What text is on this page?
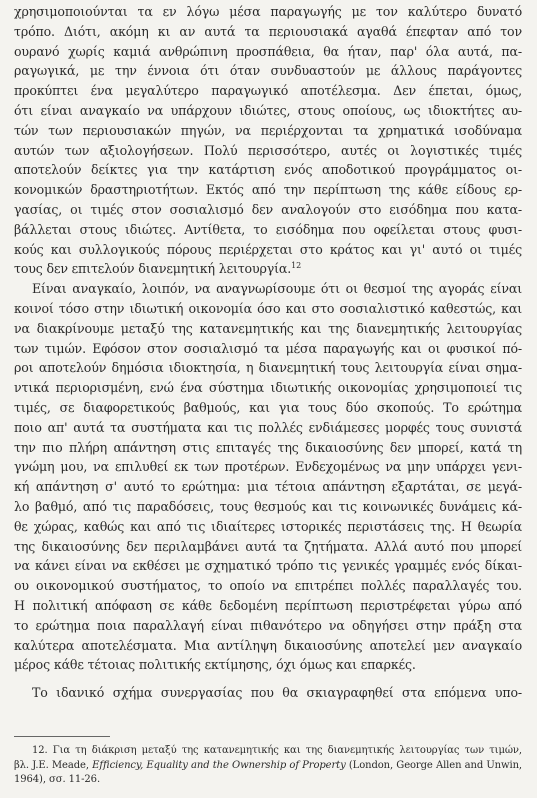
χρησιμοποιούνται τα εν λόγω μέσα παραγωγής με τον καλύτερο δυνατό
τρόπο. Διότι, ακόμη κι αν αυτά τα περιουσιακά αγαθά έπεφταν από τον
ουρανό χωρίς καμιά ανθρώπινη προσπάθεια, θα ήταν, παρ' όλα αυτά, πα-
ραγωγικά, με την έννοια ότι όταν συνδυαστούν με άλλους παράγοντες
προκύπτει ένα μεγαλύτερο παραγωγικό αποτέλεσμα. Δεν έπεται, όμως,
ότι είναι αναγκαίο να υπάρχουν ιδιώτες, στους οποίους, ως ιδιοκτήτες αυ-
τών των περιουσιακών πηγών, να περιέρχονται τα χρηματικά ισοδύναμα
αυτών των αξιολογήσεων. Πολύ περισσότερο, αυτές οι λογιστικές τιμές
αποτελούν δείκτες για την κατάρτιση ενός αποδοτικού προγράμματος οι-
κονομικών δραστηριοτήτων. Εκτός από την περίπτωση της κάθε είδους ερ-
γασίας, οι τιμές στον σοσιαλισμό δεν αναλογούν στο εισόδημα που κατα-
βάλλεται στους ιδιώτες. Αντίθετα, το εισόδημα που οφείλεται στους φυσι-
κούς και συλλογικούς πόρους περιέρχεται στο κράτος και γι' αυτό οι τιμές
τους δεν επιτελούν διανεμητική λειτουργία.$^{12}$
Είναι αναγκαίο, λοιπόν, να αναγνωρίσουμε ότι οι θεσμοί της αγοράς είναι
κοινοί τόσο στην ιδιωτική οικονομία όσο και στο σοσιαλιστικό καθεστώς, και
να διακρίνουμε μεταξύ της κατανεμητικής και της διανεμητικής λειτουργίας
των τιμών. Εφόσον στον σοσιαλισμό τα μέσα παραγωγής και οι φυσικοί πό-
ροι αποτελούν δημόσια ιδιοκτησία, η διανεμητική τους λειτουργία είναι σημα-
ντικά περιορισμένη, ενώ ένα σύστημα ιδιωτικής οικονομίας χρησιμοποιεί τις
τιμές, σε διαφορετικούς βαθμούς, και για τους δύο σκοπούς. Το ερώτημα
ποιο απ' αυτά τα συστήματα και τις πολλές ενδιάμεσες μορφές τους συνιστά
την πιο πλήρη απάντηση στις επιταγές της δικαιοσύνης δεν μπορεί, κατά τη
γνώμη μου, να επιλυθεί εκ των προτέρων. Ενδεχομένως να μην υπάρχει γενι-
κή απάντηση σ' αυτό το ερώτημα: μια τέτοια απάντηση εξαρτάται, σε μεγά-
λο βαθμό, από τις παραδόσεις, τους θεσμούς και τις κοινωνικές δυνάμεις κά-
θε χώρας, καθώς και από τις ιδιαίτερες ιστορικές περιστάσεις της. Η θεωρία
της δικαιοσύνης δεν περιλαμβάνει αυτά τα ζητήματα. Αλλά αυτό που μπορεί
να κάνει είναι να εκθέσει με σχηματικό τρόπο τις γενικές γραμμές ενός δίκαι-
ου οικονομικού συστήματος, το οποίο να επιτρέπει πολλές παραλλαγές του.
Η πολιτική απόφαση σε κάθε δεδομένη περίπτωση περιστρέφεται γύρω από
το ερώτημα ποια παραλλαγή είναι πιθανότερο να οδηγήσει στην πράξη στα
καλύτερα αποτελέσματα. Μια αντίληψη δικαιοσύνης αποτελεί μεν αναγκαίο
μέρος κάθε τέτοιας πολιτικής εκτίμησης, όχι όμως και επαρκές.
Το ιδανικό σχήμα συνεργασίας που θα σκιαγραφηθεί στα επόμενα υπο-
12. Για τη διάκριση μεταξύ της κατανεμητικής και της διανεμητικής λειτουργίας των τιμών,
βλ. J.E. Meade, Efficiency, Equality and the Ownership of Property (London, George Allen and Unwin,
1964), σσ. 11-26.
